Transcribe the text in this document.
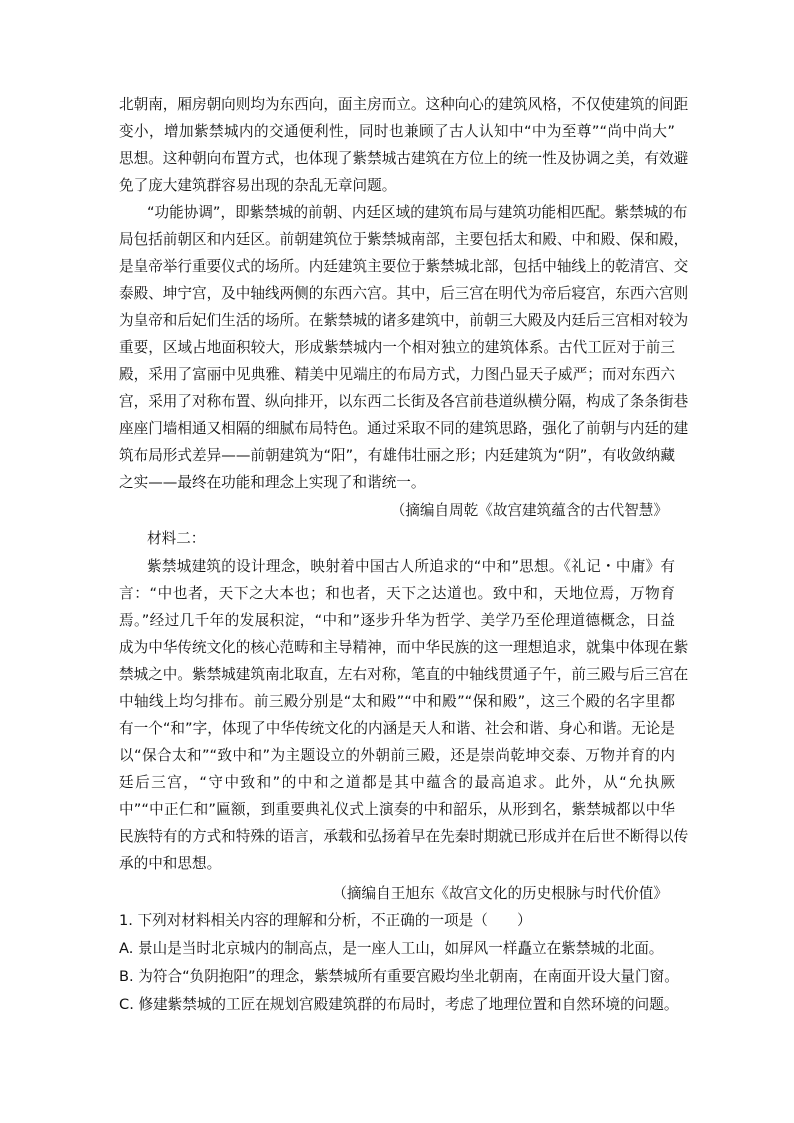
北朝南，厢房朝向则均为东西向，面主房而立。这种向心的建筑风格，不仅使建筑的间距
变小，增加紫禁城内的交通便利性，同时也兼顾了古人认知中“中为至尊”“尚中尚大”
思想。这种朝向布置方式，也体现了紫禁城古建筑在方位上的统一性及协调之美，有效避
免了庞大建筑群容易出现的杂乱无章问题。
“功能协调”，即紫禁城的前朝、内廷区域的建筑布局与建筑功能相匹配。紫禁城的布
局包括前朝区和内廷区。前朝建筑位于紫禁城南部，主要包括太和殿、中和殿、保和殿，
是皇帝举行重要仪式的场所。内廷建筑主要位于紫禁城北部，包括中轴线上的乾清宫、交
泰殿、坤宁宫，及中轴线两侧的东西六宫。其中，后三宫在明代为帝后寝宫，东西六宫则
为皇帝和后妃们生活的场所。在紫禁城的诸多建筑中，前朝三大殿及内廷后三宫相对较为
重要，区域占地面积较大，形成紫禁城内一个相对独立的建筑体系。古代工匠对于前三
殿，采用了富丽中见典雅、精美中见端庄的布局方式，力图凸显天子威严；而对东西六
宫，采用了对称布置、纵向排开，以东西二长街及各宫前巷道纵横分隔，构成了条条街巷
座座门墙相通又相隔的细腻布局特色。通过采取不同的建筑思路，强化了前朝与内廷的建
筑布局形式差异——前朝建筑为“阳”，有雄伟壮丽之形；内廷建筑为“阴”，有收敛纳藏
之实——最终在功能和理念上实现了和谐统一。
（摘编自周乾《故宫建筑蕴含的古代智慧》
材料二：
紫禁城建筑的设计理念，映射着中国古人所追求的“中和”思想。《礼记・中庸》有
言：“中也者，天下之大本也；和也者，天下之达道也。致中和，天地位焉，万物育
焉。”经过几千年的发展积淀，“中和”逐步升华为哲学、美学乃至伦理道德概念，日益
成为中华传统文化的核心范畴和主导精神，而中华民族的这一理想追求，就集中体现在紫
禁城之中。紫禁城建筑南北取直，左右对称，笔直的中轴线贯通子午，前三殿与后三宫在
中轴线上均匀排布。前三殿分别是“太和殿”“中和殿”“保和殿”，这三个殿的名字里都
有一个“和”字，体现了中华传统文化的内涵是天人和谐、社会和谐、身心和谐。无论是
以“保合太和”“致中和”为主题设立的外朝前三殿，还是崇尚乾坤交泰、万物并育的内
廷后三宫，“守中致和”的中和之道都是其中蕴含的最高追求。此外，从“允执厥
中”“中正仁和”匾额，到重要典礼仪式上演奏的中和韶乐，从形到名，紫禁城都以中华
民族特有的方式和特殊的语言，承载和弘扬着早在先秦时期就已形成并在后世不断得以传
承的中和思想。
（摘编自王旭东《故宫文化的历史根脉与时代价值》
1. 下列对材料相关内容的理解和分析，不正确的一项是（　　）
A. 景山是当时北京城内的制高点，是一座人工山，如屏风一样矗立在紫禁城的北面。
B. 为符合“负阴抱阳”的理念，紫禁城所有重要宫殿均坐北朝南，在南面开设大量门窗。
C. 修建紫禁城的工匠在规划宫殿建筑群的布局时，考虑了地理位置和自然环境的问题。
